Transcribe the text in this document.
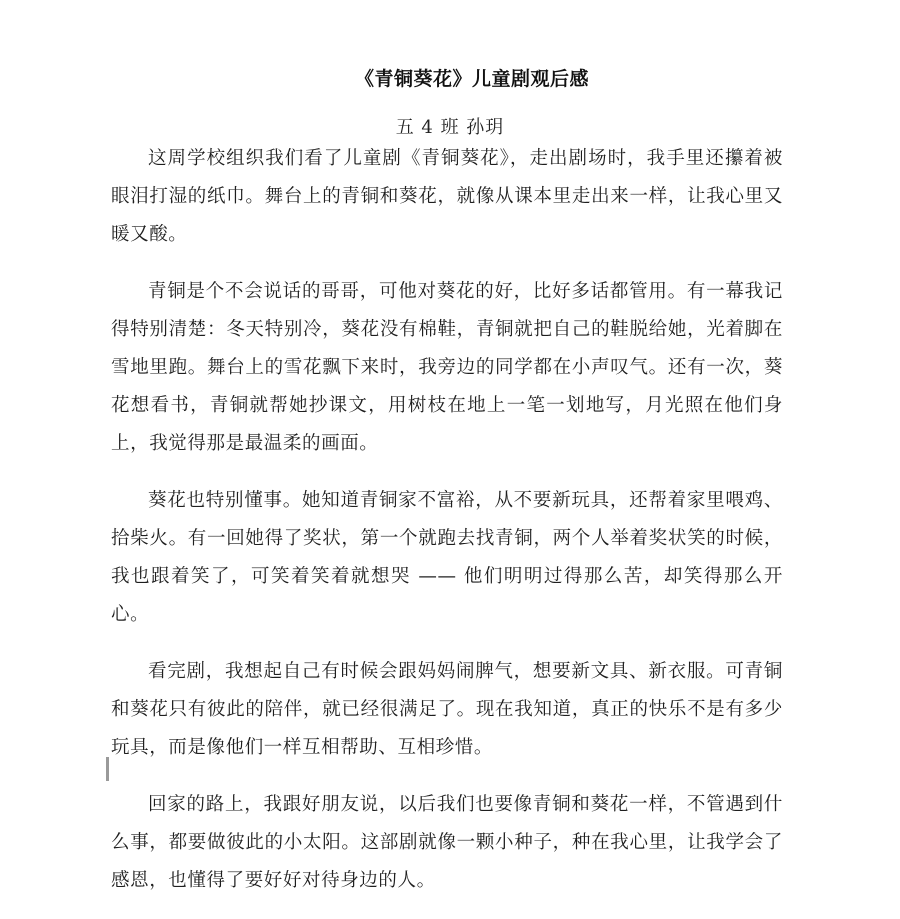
《青铜葵花》儿童剧观后感
五 4 班 孙玥

这周学校组织我们看了儿童剧《青铜葵花》，走出剧场时，我手里还攥着被眼泪打湿的纸巾。舞台上的青铜和葵花，就像从课本里走出来一样，让我心里又暖又酸。

青铜是个不会说话的哥哥，可他对葵花的好，比好多话都管用。有一幕我记得特别清楚：冬天特别冷，葵花没有棉鞋，青铜就把自己的鞋脱给她，光着脚在雪地里跑。舞台上的雪花飘下来时，我旁边的同学都在小声叹气。还有一次，葵花想看书，青铜就帮她抄课文，用树枝在地上一笔一划地写，月光照在他们身上，我觉得那是最温柔的画面。

葵花也特别懂事。她知道青铜家不富裕，从不要新玩具，还帮着家里喂鸡、拾柴火。有一回她得了奖状，第一个就跑去找青铜，两个人举着奖状笑的时候，我也跟着笑了，可笑着笑着就想哭 —— 他们明明过得那么苦，却笑得那么开心。

看完剧，我想起自己有时候会跟妈妈闹脾气，想要新文具、新衣服。可青铜和葵花只有彼此的陪伴，就已经很满足了。现在我知道，真正的快乐不是有多少玩具，而是像他们一样互相帮助、互相珍惜。

回家的路上，我跟好朋友说，以后我们也要像青铜和葵花一样，不管遇到什么事，都要做彼此的小太阳。这部剧就像一颗小种子，种在我心里，让我学会了感恩，也懂得了要好好对待身边的人。
